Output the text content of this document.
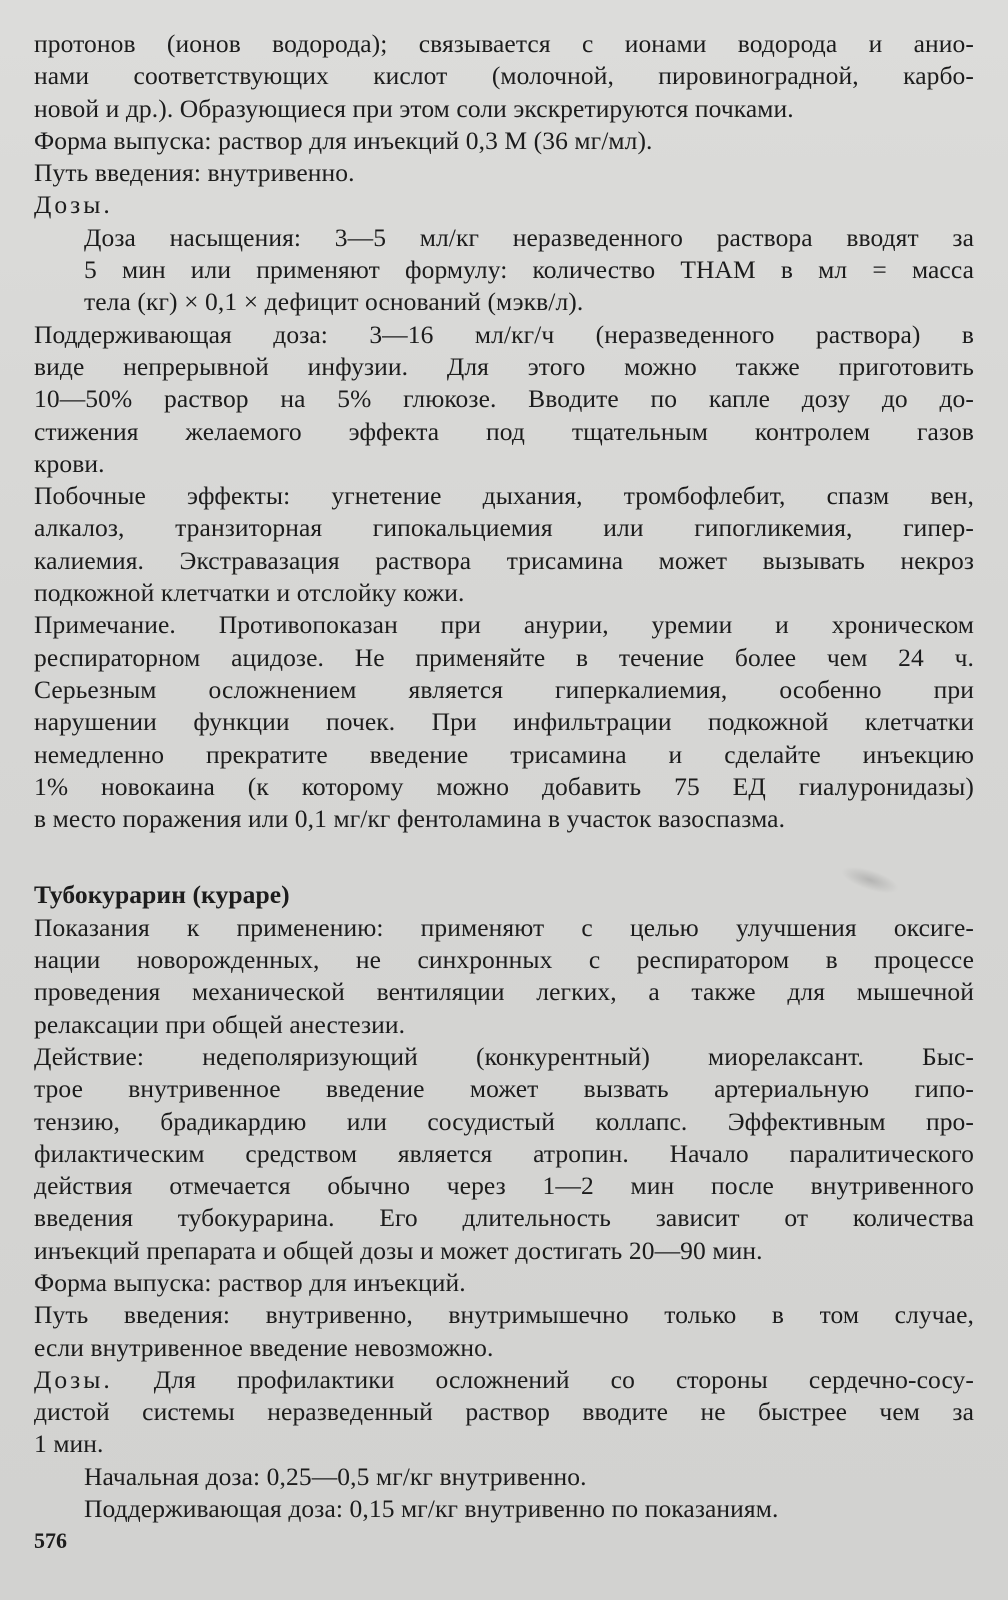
протонов (ионов водорода); связывается с ионами водорода и анио-
нами соответствующих кислот (молочной, пировиноградной, карбо-
новой и др.). Образующиеся при этом соли экскретируются почками.
Форма выпуска: раствор для инъекций 0,3 М (36 мг/мл).
Путь введения: внутривенно.
Дозы.
Доза насыщения: 3—5 мл/кг неразведенного раствора вводят за
5 мин или применяют формулу: количество THAM в мл = масса
тела (кг) × 0,1 × дефицит оснований (мэкв/л).
Поддерживающая доза: 3—16 мл/кг/ч (неразведенного раствора) в
виде непрерывной инфузии. Для этого можно также приготовить
10—50% раствор на 5% глюкозе. Вводите по капле дозу до до-
стижения желаемого эффекта под тщательным контролем газов
крови.
Побочные эффекты: угнетение дыхания, тромбофлебит, спазм вен,
алкалоз, транзиторная гипокальциемия или гипогликемия, гипер-
калиемия. Экстравазация раствора трисамина может вызывать некроз
подкожной клетчатки и отслойку кожи.
Примечание. Противопоказан при анурии, уремии и хроническом
респираторном ацидозе. Не применяйте в течение более чем 24 ч.
Серьезным осложнением является гиперкалиемия, особенно при
нарушении функции почек. При инфильтрации подкожной клетчатки
немедленно прекратите введение трисамина и сделайте инъекцию
1% новокаина (к которому можно добавить 75 ЕД гиалуронидазы)
в место поражения или 0,1 мг/кг фентоламина в участок вазоспазма.
Тубокурарин (кураре)
Показания к применению: применяют с целью улучшения оксиге-
нации новорожденных, не синхронных с респиратором в процессе
проведения механической вентиляции легких, а также для мышечной
релаксации при общей анестезии.
Действие: недеполяризующий (конкурентный) миорелаксант. Быс-
трое внутривенное введение может вызвать артериальную гипо-
тензию, брадикардию или сосудистый коллапс. Эффективным про-
филактическим средством является атропин. Начало паралитического
действия отмечается обычно через 1—2 мин после внутривенного
введения тубокурарина. Его длительность зависит от количества
инъекций препарата и общей дозы и может достигать 20—90 мин.
Форма выпуска: раствор для инъекций.
Путь введения: внутривенно, внутримышечно только в том случае,
если внутривенное введение невозможно.
Дозы. Для профилактики осложнений со стороны сердечно-сосу-
дистой системы неразведенный раствор вводите не быстрее чем за
1 мин.
Начальная доза: 0,25—0,5 мг/кг внутривенно.
Поддерживающая доза: 0,15 мг/кг внутривенно по показаниям.
576
